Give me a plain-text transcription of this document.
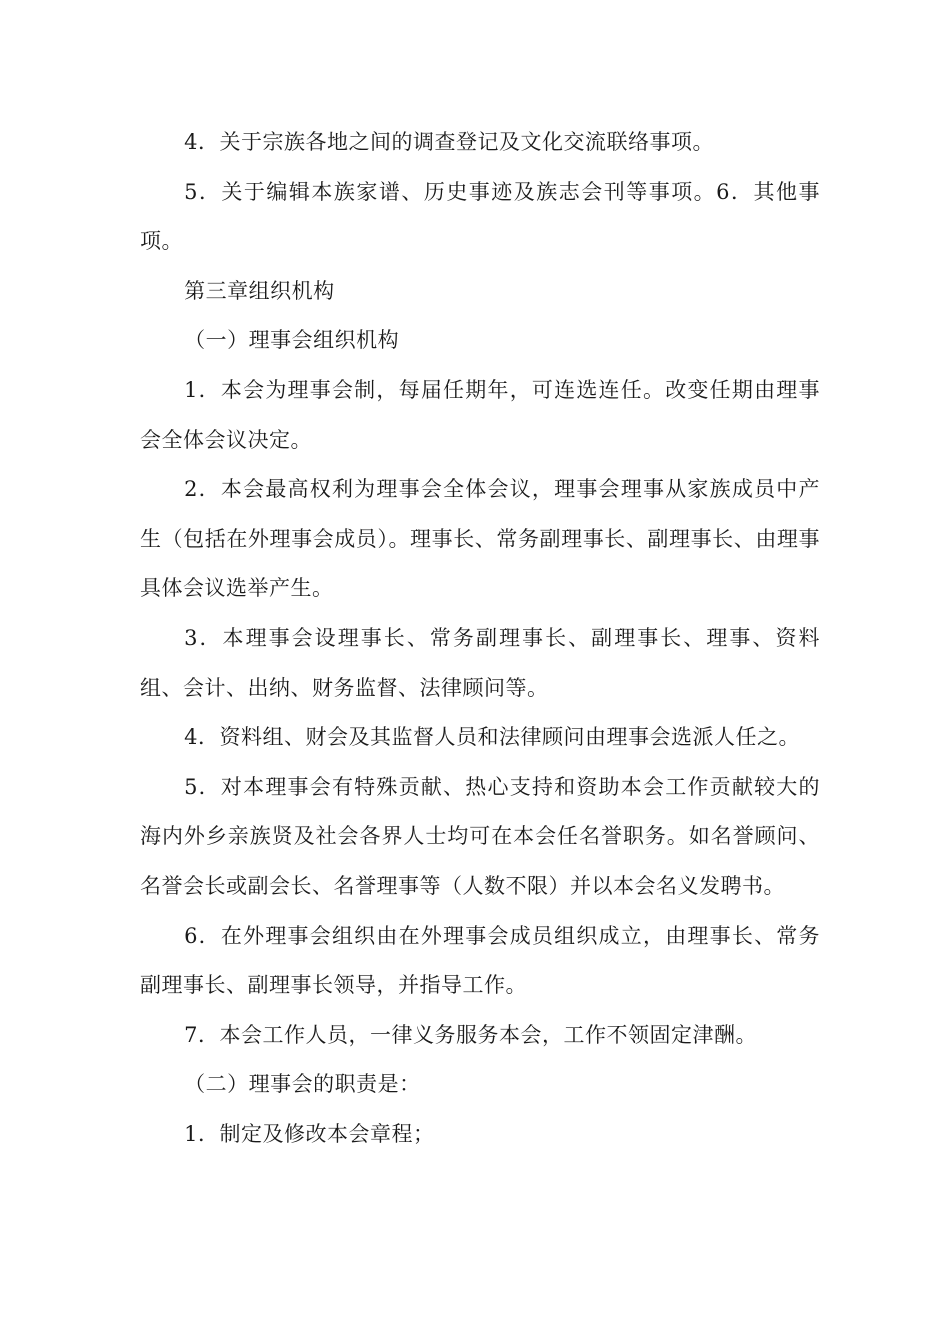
4．关于宗族各地之间的调查登记及文化交流联络事项。

5．关于编辑本族家谱、历史事迹及族志会刊等事项。6．其他事项。

第三章组织机构

（一）理事会组织机构

1．本会为理事会制，每届任期年，可连选连任。改变任期由理事会全体会议决定。

2．本会最高权利为理事会全体会议，理事会理事从家族成员中产生（包括在外理事会成员）。理事长、常务副理事长、副理事长、由理事具体会议选举产生。

3．本理事会设理事长、常务副理事长、副理事长、理事、资料组、会计、出纳、财务监督、法律顾问等。

4．资料组、财会及其监督人员和法律顾问由理事会选派人任之。

5．对本理事会有特殊贡献、热心支持和资助本会工作贡献较大的海内外乡亲族贤及社会各界人士均可在本会任名誉职务。如名誉顾问、名誉会长或副会长、名誉理事等（人数不限）并以本会名义发聘书。

6．在外理事会组织由在外理事会成员组织成立，由理事长、常务副理事长、副理事长领导，并指导工作。

7．本会工作人员，一律义务服务本会，工作不领固定津酬。

（二）理事会的职责是：

1．制定及修改本会章程；
